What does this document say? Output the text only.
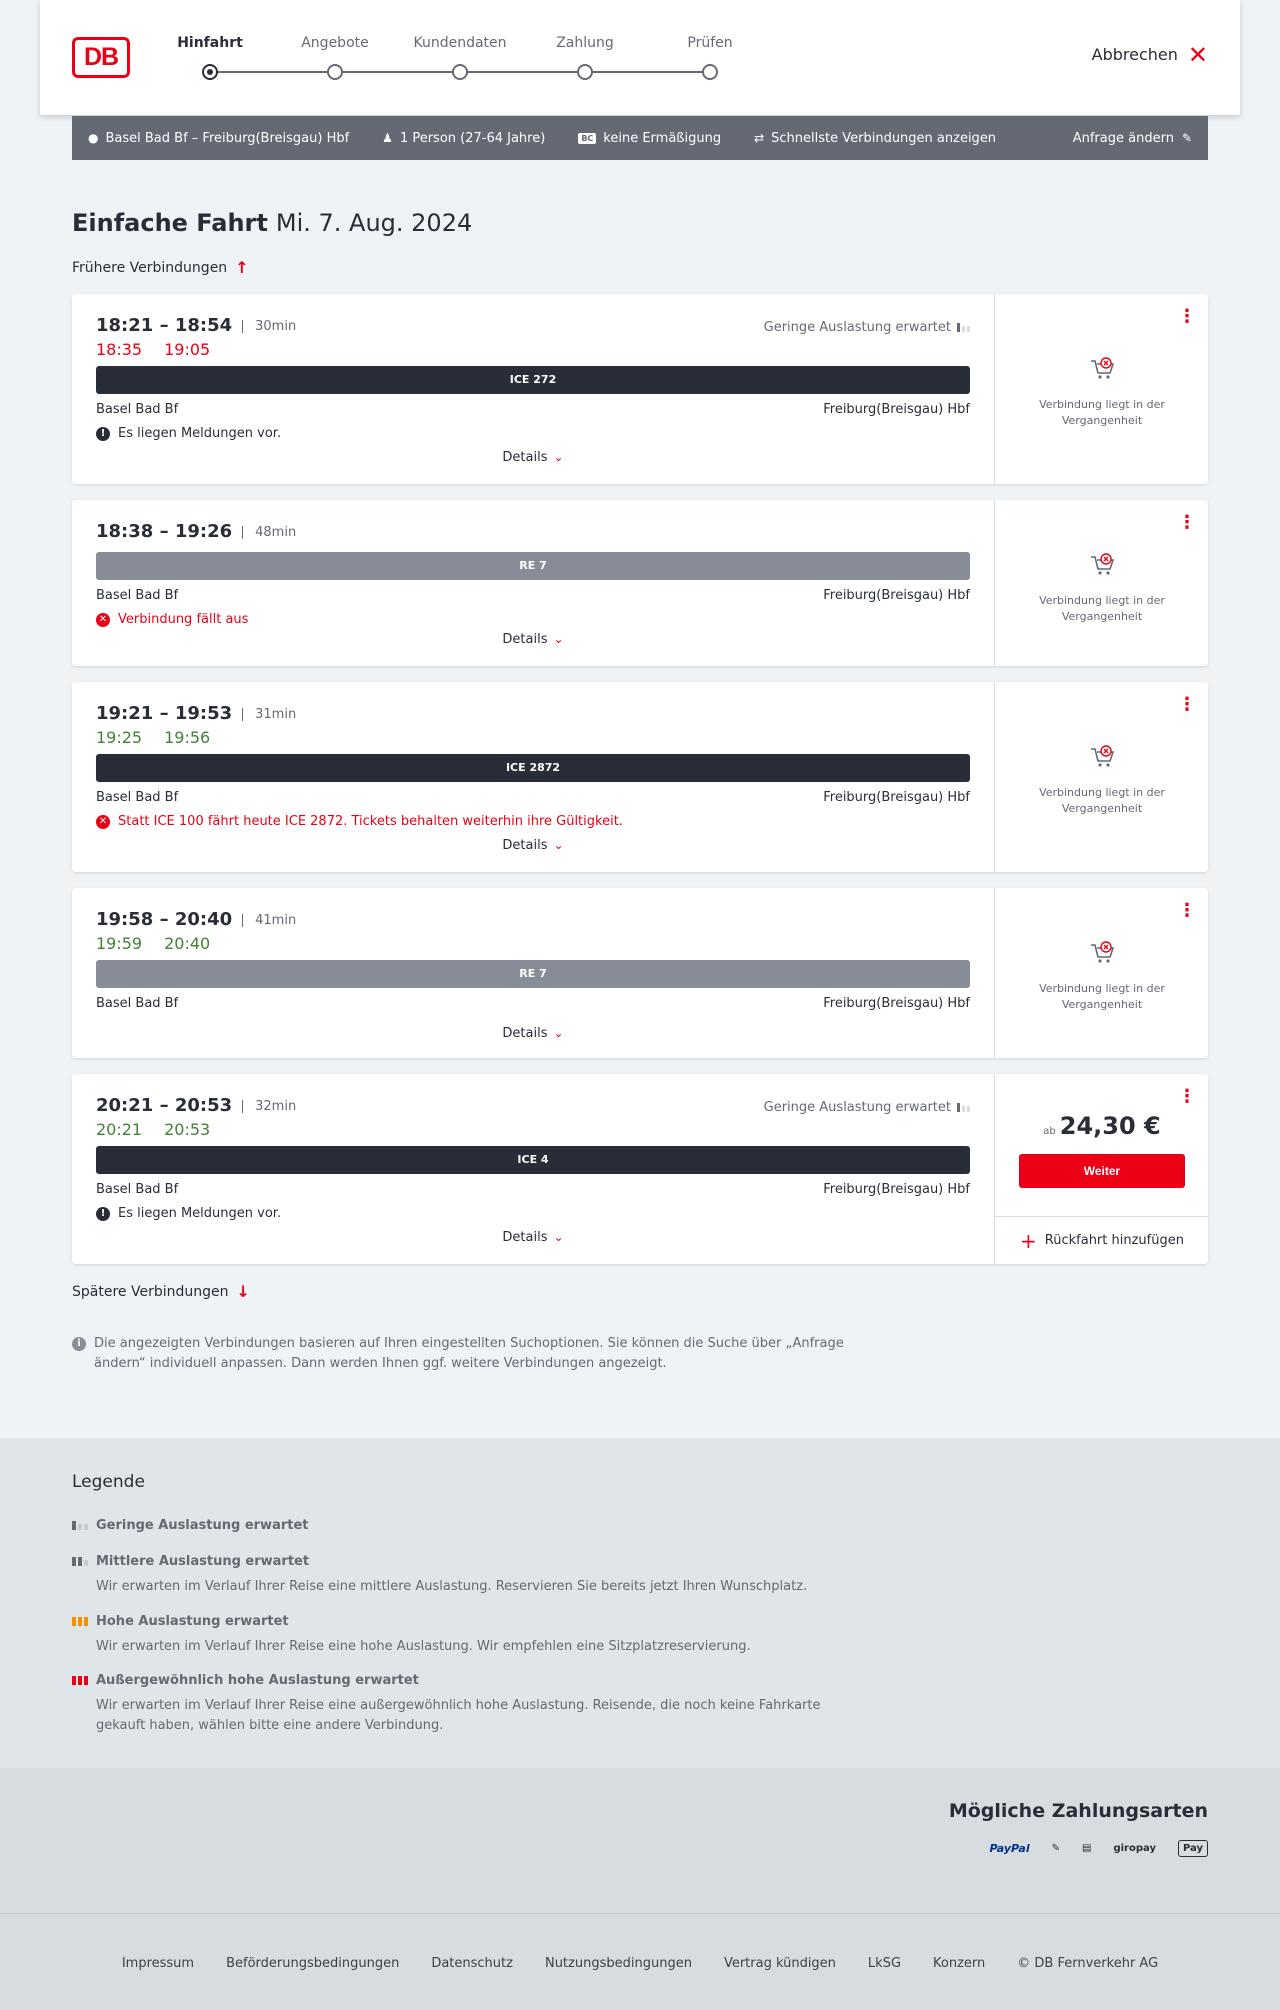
DB	Hinfahrt	Angebote	Kundendaten	Zahlung	Prüfen
Abbrechen ✕
● Basel Bad Bf – Freiburg(Breisgau) Hbf	♟ 1 Person (27-64 Jahre)	BC keine Ermäßigung	⇄ Schnellste Verbindungen anzeigen	Anfrage ändern ✎
Einfache Fahrt Mi. 7. Aug. 2024
Frühere Verbindungen ↑
18:21 – 18:54	30min	Geringe Auslastung erwartet
18:35 19:05
ICE 272
Basel Bad Bf	Freiburg(Breisgau) Hbf
! Es liegen Meldungen vor.
Details ⌄
⋮
Verbindung liegt in der Vergangenheit
18:38 – 19:26	48min
RE 7
Basel Bad Bf	Freiburg(Breisgau) Hbf
✕ Verbindung fällt aus
Details ⌄
⋮
Verbindung liegt in der Vergangenheit
19:21 – 19:53	31min
19:25 19:56
ICE 2872
Basel Bad Bf	Freiburg(Breisgau) Hbf
✕ Statt ICE 100 fährt heute ICE 2872. Tickets behalten weiterhin ihre Gültigkeit.
Details ⌄
⋮
Verbindung liegt in der Vergangenheit
19:58 – 20:40	41min
19:59 20:40
RE 7
Basel Bad Bf	Freiburg(Breisgau) Hbf
Details ⌄
⋮
Verbindung liegt in der Vergangenheit
20:21 – 20:53	32min	Geringe Auslastung erwartet
20:21 20:53
ICE 4
Basel Bad Bf	Freiburg(Breisgau) Hbf
! Es liegen Meldungen vor.
Details ⌄
⋮
ab 24,30 €
Weiter
+ Rückfahrt hinzufügen
Spätere Verbindungen ↓
i	Die angezeigten Verbindungen basieren auf Ihren eingestellten Suchoptionen. Sie können die Suche über „Anfrage ändern“ individuell anpassen. Dann werden Ihnen ggf. weitere Verbindungen angezeigt.
Legende
Geringe Auslastung erwartet
Mittlere Auslastung erwartet
Wir erwarten im Verlauf Ihrer Reise eine mittlere Auslastung. Reservieren Sie bereits jetzt Ihren Wunschplatz.
Hohe Auslastung erwartet
Wir erwarten im Verlauf Ihrer Reise eine hohe Auslastung. Wir empfehlen eine Sitzplatzreservierung.
Außergewöhnlich hohe Auslastung erwartet
Wir erwarten im Verlauf Ihrer Reise eine außergewöhnlich hohe Auslastung. Reisende, die noch keine Fahrkarte gekauft haben, wählen bitte eine andere Verbindung.
Mögliche Zahlungsarten
PayPal ✎ ▤ giropay	Pay
Impressum Beförderungsbedingungen Datenschutz Nutzungsbedingungen Vertrag kündigen LkSG Konzern © DB Fernverkehr AG
